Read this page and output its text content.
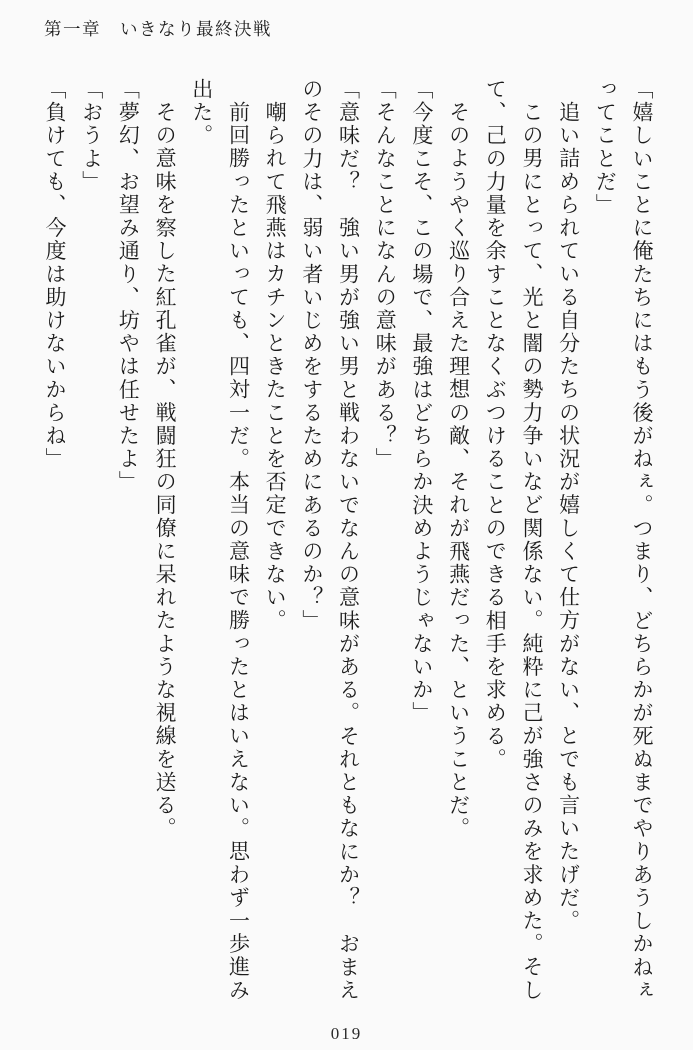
第一章　いきなり最終決戦
「嬉しいことに俺たちにはもう後がねぇ。つまり、どちらかが死ぬまでやりあうしかねぇ
ってことだ」
追い詰められている自分たちの状況が嬉しくて仕方がない、とでも言いたげだ。
この男にとって、光と闇の勢力争いなど関係ない。純粋に己が強さのみを求めた。そし
て、己の力量を余すことなくぶつけることのできる相手を求める。
そのようやく巡り合えた理想の敵、それが飛燕だった、ということだ。
「今度こそ、この場で、最強はどちらか決めようじゃないか」
「そんなことになんの意味がある？」
「意味だ？　強い男が強い男と戦わないでなんの意味がある。それともなにか？　おまえ
のその力は、弱い者いじめをするためにあるのか？」
嘲られて飛燕はカチンときたことを否定できない。
前回勝ったといっても、四対一だ。本当の意味で勝ったとはいえない。思わず一歩進み
出た。
その意味を察した紅孔雀が、戦闘狂の同僚に呆れたような視線を送る。
「夢幻、お望み通り、坊やは任せたよ」
「おうよ」
「負けても、今度は助けないからね」
019
